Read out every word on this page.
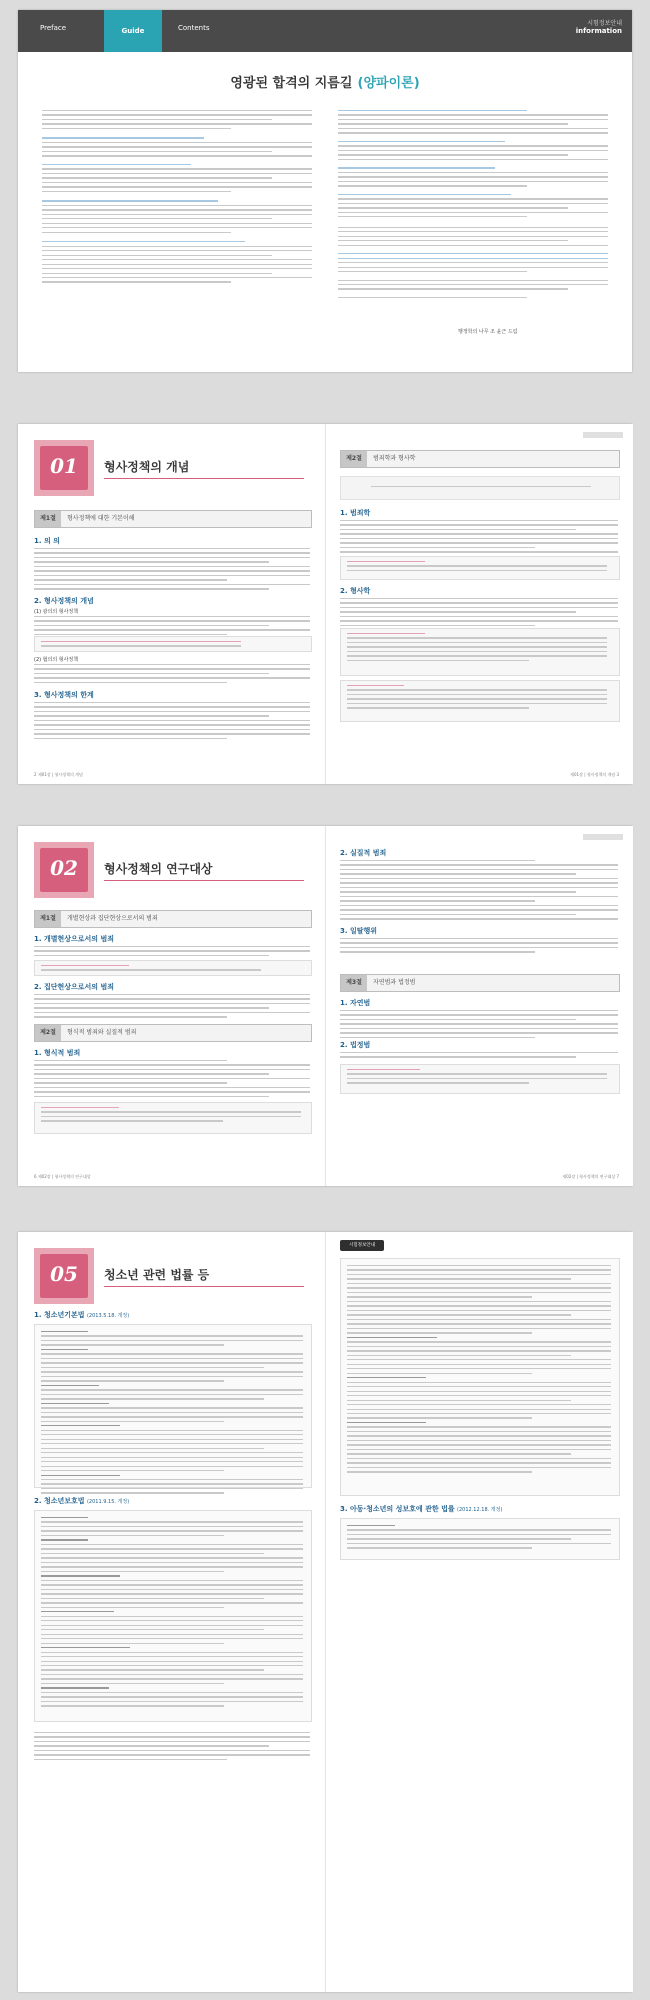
Preface	Guide	Contents
시험정보안내
information
영광된 합격의 지름길 (양파이론)
행정학의 나무 조 윤근 드림
01	형사정책의 개념
제1절	형사정책에 대한 기본이해
1. 의 의
2. 형사정책의 개념
(1) 광의의 형사정책
(2) 협의의 형사정책
3. 형사정책의 한계
2 제01장 | 형사정책의 개념
제2절	범죄학과 형사학
1. 범죄학
2. 형사학
제01장 | 형사정책의 개념 3
02	형사정책의 연구대상
제1절	개별현상과 집단현상으로서의 범죄
1. 개별현상으로서의 범죄
2. 집단현상으로서의 범죄
제2절	형식적 범죄와 실질적 범죄
1. 형식적 범죄
6 제02장 | 형사정책의 연구대상
2. 실질적 범죄
3. 일탈행위
제3절	자연범과 법정범
1. 자연범
2. 법정범
제02장 | 형사정책의 연구대상 7
05	청소년 관련 법률 등
1. 청소년기본법 (2013.5.18. 개정)
2. 청소년보호법 (2011.9.15. 개정)
시험정보안내
3. 아동·청소년의 성보호에 관한 법률 (2012.12.18. 개정)
